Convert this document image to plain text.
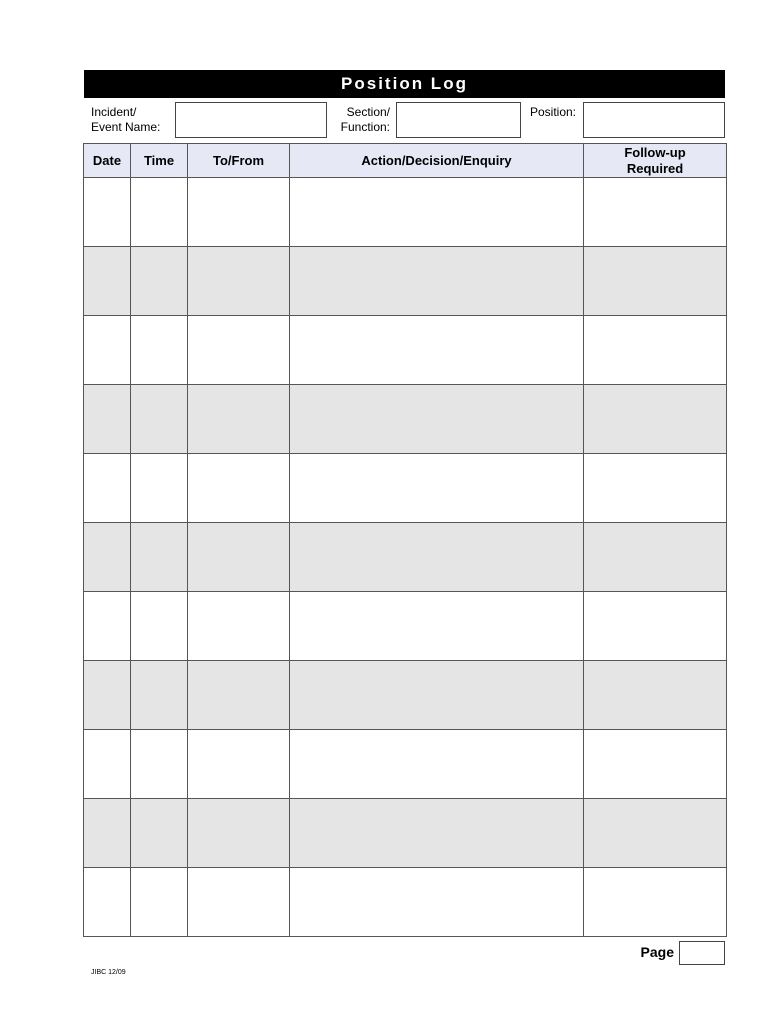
Position Log
Incident/
Event Name:
Section/
Function:
Position:
Date	Time	To/From	Action/Decision/Enquiry	Follow-up Required

Page
JIBC 12/09
